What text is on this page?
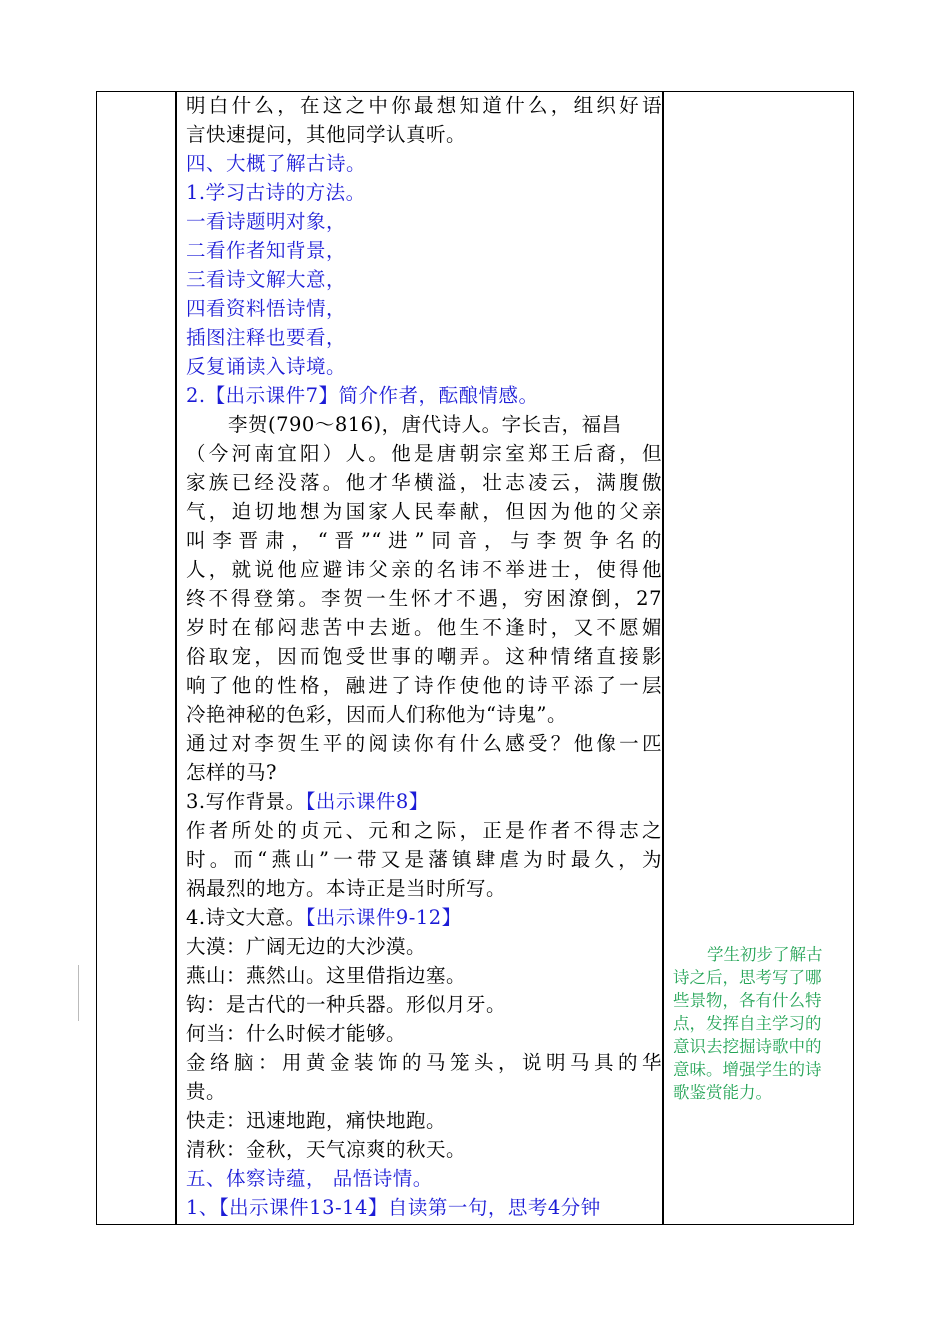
明白什么，在这之中你最想知道什么，组织好语
言快速提问，其他同学认真听。
四、大概了解古诗。
1.学习古诗的方法。
一看诗题明对象，
二看作者知背景，
三看诗文解大意，
四看资料悟诗情，
插图注释也要看，
反复诵读入诗境。
2.【出示课件7】简介作者，酝酿情感。
李贺(790～816)，唐代诗人。字长吉，福昌
（今河南宜阳）人。他是唐朝宗室郑王后裔，但
家族已经没落。他才华横溢，壮志凌云，满腹傲
气，迫切地想为国家人民奉献，但因为他的父亲
叫李晋肃，“晋”“进”同音，与李贺争名的
人，就说他应避讳父亲的名讳不举进士，使得他
终不得登第。李贺一生怀才不遇，穷困潦倒，27
岁时在郁闷悲苦中去逝。他生不逢时，又不愿媚
俗取宠，因而饱受世事的嘲弄。这种情绪直接影
响了他的性格，融进了诗作使他的诗平添了一层
冷艳神秘的色彩，因而人们称他为“诗鬼”。
通过对李贺生平的阅读你有什么感受？他像一匹
怎样的马?
3.写作背景。【出示课件8】
作者所处的贞元、元和之际，正是作者不得志之
时。而“燕山”一带又是藩镇肆虐为时最久，为
祸最烈的地方。本诗正是当时所写。
4.诗文大意。【出示课件9-12】
大漠：广阔无边的大沙漠。
燕山：燕然山。这里借指边塞。
钩：是古代的一种兵器。形似月牙。
何当：什么时候才能够。
金络脑：用黄金装饰的马笼头，说明马具的华
贵。
快走：迅速地跑，痛快地跑。
清秋：金秋，天气凉爽的秋天。
五、体察诗蕴， 品悟诗情。
1、【出示课件13-14】自读第一句，思考4分钟
学生初步了解古
诗之后，思考写了哪
些景物，各有什么特
点，发挥自主学习的
意识去挖掘诗歌中的
意味。增强学生的诗
歌鉴赏能力。
